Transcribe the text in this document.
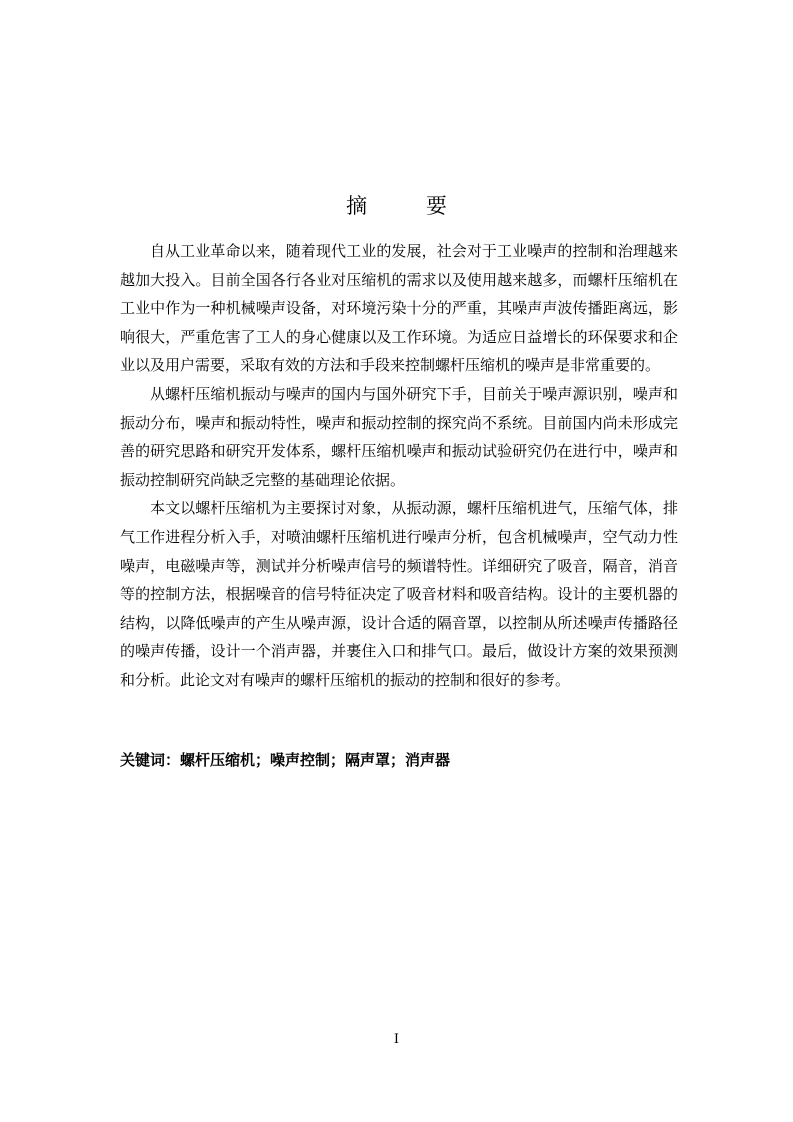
摘 要

自从工业革命以来，随着现代工业的发展，社会对于工业噪声的控制和治理越来越加大投入。目前全国各行各业对压缩机的需求以及使用越来越多，而螺杆压缩机在工业中作为一种机械噪声设备，对环境污染十分的严重，其噪声声波传播距离远，影响很大，严重危害了工人的身心健康以及工作环境。为适应日益增长的环保要求和企业以及用户需要，采取有效的方法和手段来控制螺杆压缩机的噪声是非常重要的。

从螺杆压缩机振动与噪声的国内与国外研究下手，目前关于噪声源识别，噪声和振动分布，噪声和振动特性，噪声和振动控制的探究尚不系统。目前国内尚未形成完善的研究思路和研究开发体系，螺杆压缩机噪声和振动试验研究仍在进行中，噪声和振动控制研究尚缺乏完整的基础理论依据。

本文以螺杆压缩机为主要探讨对象，从振动源，螺杆压缩机进气，压缩气体，排气工作进程分析入手，对喷油螺杆压缩机进行噪声分析，包含机械噪声，空气动力性噪声，电磁噪声等，测试并分析噪声信号的频谱特性。详细研究了吸音，隔音，消音等的控制方法，根据噪音的信号特征决定了吸音材料和吸音结构。设计的主要机器的结构，以降低噪声的产生从噪声源，设计合适的隔音罩，以控制从所述噪声传播路径的噪声传播，设计一个消声器，并裹住入口和排气口。最后，做设计方案的效果预测和分析。此论文对有噪声的螺杆压缩机的振动的控制和很好的参考。

关键词：螺杆压缩机；噪声控制；隔声罩；消声器
I
